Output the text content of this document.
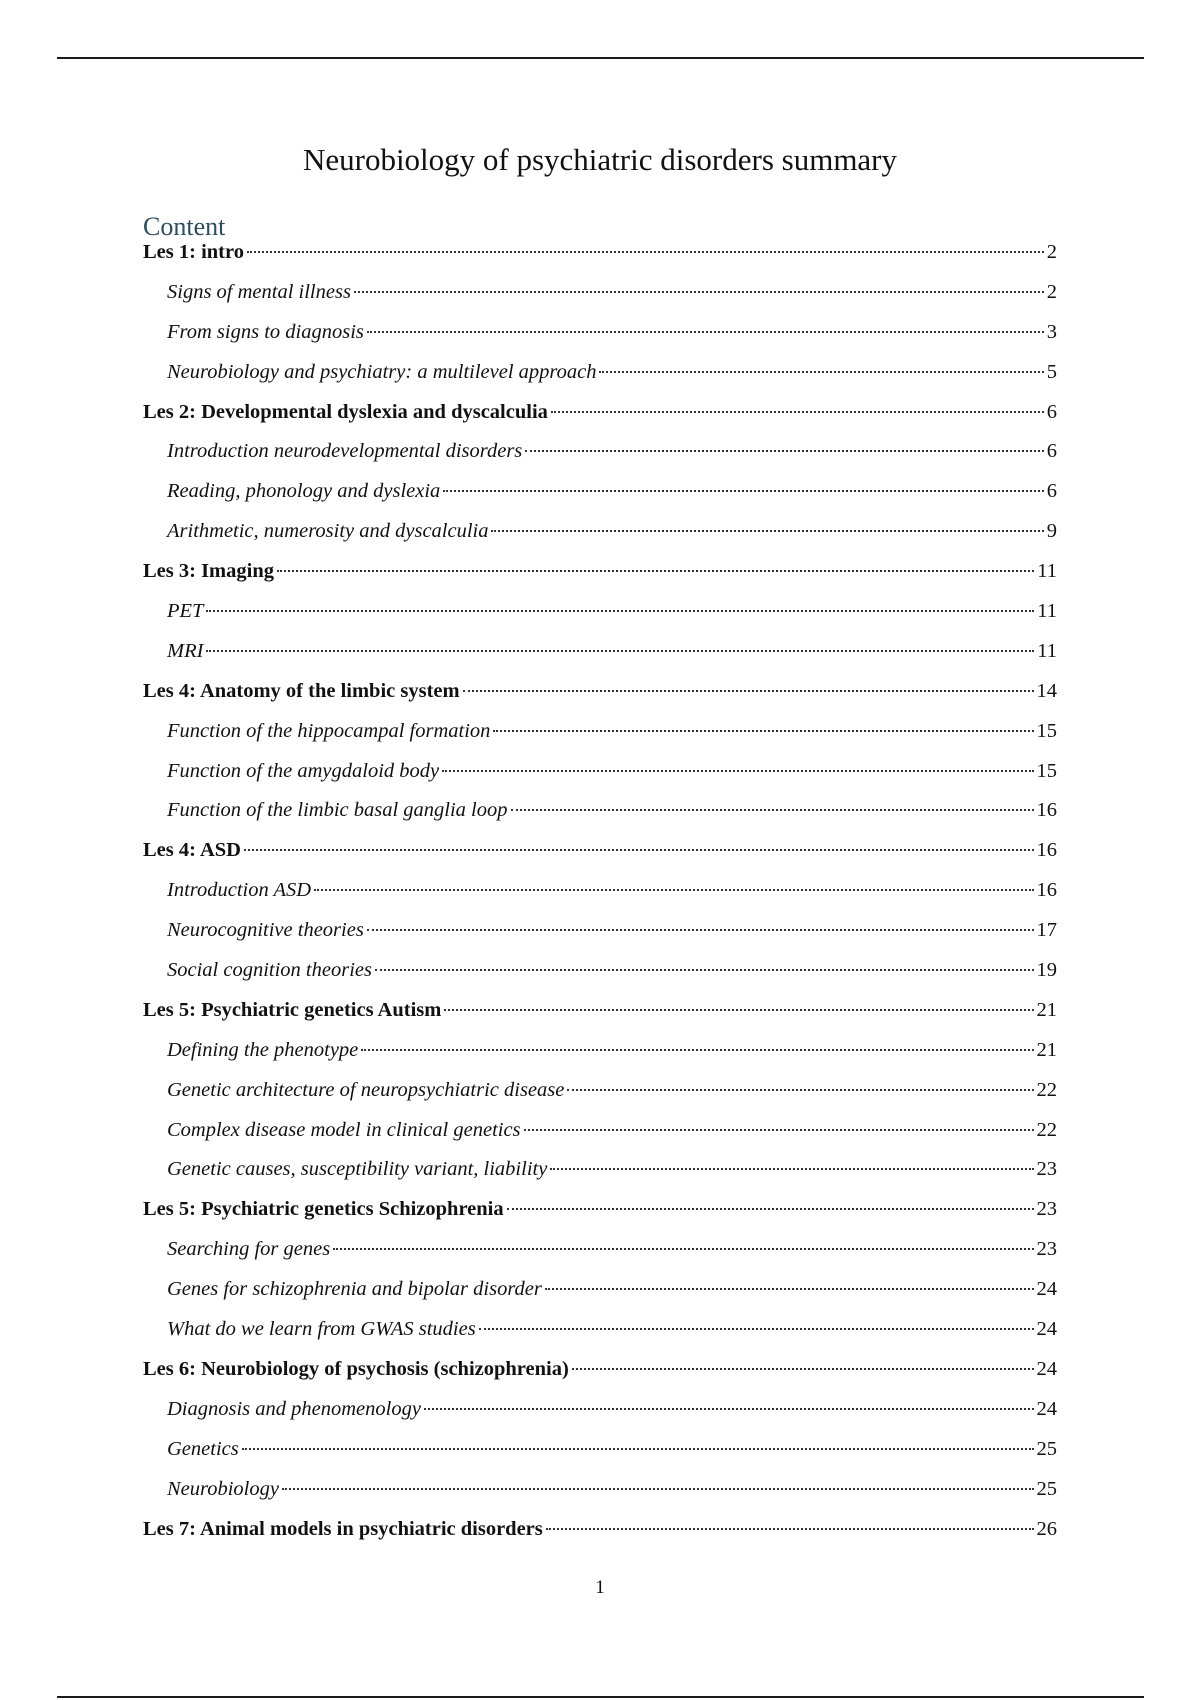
Neurobiology of psychiatric disorders summary
Content
Les 1: intro	2
Signs of mental illness	2
From signs to diagnosis	3
Neurobiology and psychiatry: a multilevel approach	5
Les 2: Developmental dyslexia and dyscalculia	6
Introduction neurodevelopmental disorders	6
Reading, phonology and dyslexia	6
Arithmetic, numerosity and dyscalculia	9
Les 3: Imaging	11
PET	11
MRI	11
Les 4: Anatomy of the limbic system	14
Function of the hippocampal formation	15
Function of the amygdaloid body	15
Function of the limbic basal ganglia loop	16
Les 4: ASD	16
Introduction ASD	16
Neurocognitive theories	17
Social cognition theories	19
Les 5: Psychiatric genetics Autism	21
Defining the phenotype	21
Genetic architecture of neuropsychiatric disease	22
Complex disease model in clinical genetics	22
Genetic causes, susceptibility variant, liability	23
Les 5: Psychiatric genetics Schizophrenia	23
Searching for genes	23
Genes for schizophrenia and bipolar disorder	24
What do we learn from GWAS studies	24
Les 6: Neurobiology of psychosis (schizophrenia)	24
Diagnosis and phenomenology	24
Genetics	25
Neurobiology	25
Les 7: Animal models in psychiatric disorders	26
1
